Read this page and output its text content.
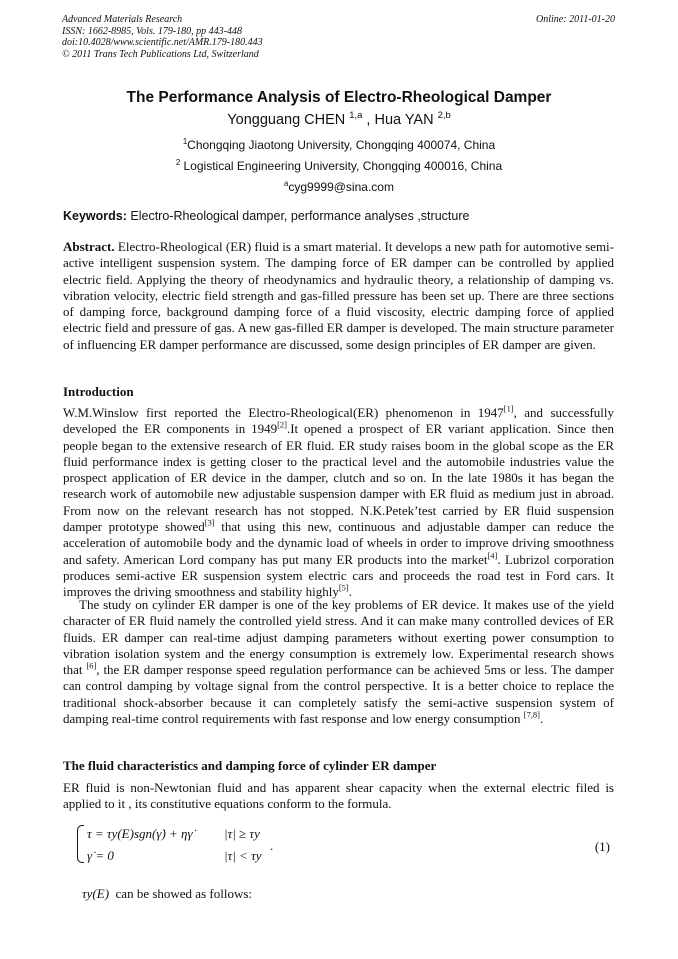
Advanced Materials Research
ISSN: 1662-8985, Vols. 179-180, pp 443-448
doi:10.4028/www.scientific.net/AMR.179-180.443
© 2011 Trans Tech Publications Ltd, Switzerland
Online: 2011-01-20
The Performance Analysis of Electro-Rheological Damper
Yongguang CHEN $^{1,a}$ , Hua YAN $^{2,b}$
$^1$Chongqing Jiaotong University, Chongqing 400074, China
$^2$ Logistical Engineering University, Chongqing 400016, China
$^a$cyg9999@sina.com
Keywords: Electro-Rheological damper, performance analyses ,structure
Abstract. Electro-Rheological (ER) fluid is a smart material. It develops a new path for automotive semi-active intelligent suspension system. The damping force of ER damper can be controlled by applied electric field. Applying the theory of rheodynamics and hydraulic theory, a relationship of damping vs. vibration velocity, electric field strength and gas-filled pressure has been set up. There are three sections of damping force, background damping force of a fluid viscosity, electric damping force of applied electric field and pressure of gas. A new gas-filled ER damper is developed. The main structure parameter of influencing ER damper performance are discussed, some design principles of ER damper are given.
Introduction
W.M.Winslow first reported the Electro-Rheological(ER) phenomenon in 1947[1], and successfully developed the ER components in 1949[2].It opened a prospect of ER variant application. Since then people began to the extensive research of ER fluid. ER study raises boom in the global scope as the ER fluid performance index is getting closer to the practical level and the automobile industries value the prospect application of ER device in the damper, clutch and so on. In the late 1980s it has began the research work of automobile new adjustable suspension damper with ER fluid as medium just in abroad. From now on the relevant research has not stopped. N.K.Petek’test carried by ER fluid suspension damper prototype showed[3] that using this new, continuous and adjustable damper can reduce the acceleration of automobile body and the dynamic load of wheels in order to improve driving smoothness and safety. American Lord company has put many ER products into the market[4]. Lubrizol corporation produces semi-active ER suspension system electric cars and proceeds the road test in Ford cars. It improves the driving smoothness and stability highly[5].
The study on cylinder ER damper is one of the key problems of ER device. It makes use of the yield character of ER fluid namely the controlled yield stress. And it can make many controlled devices of ER fluids. ER damper can real-time adjust damping parameters without exerting power consumption to vibration isolation system and the energy consumption is extremely low. Experimental research shows that [6], the ER damper response speed regulation performance can be achieved 5ms or less. The damper can control damping by voltage signal from the control perspective. It is a better choice to replace the traditional shock-absorber because it can completely satisfy the semi-active suspension system of damping real-time control requirements with fast response and low energy consumption [7,8].
The fluid characteristics and damping force of cylinder ER damper
ER fluid is non-Newtonian fluid and has apparent shear capacity when the external electric filed is applied to it , its constitutive equations conform to the formula.
τ = τy(E)sgn(γ̇) + ηγ̇
γ̇ = 0
|τ| ≥ τy
|τ| < τy
.	(1)
τy(E) can be showed as follows:
